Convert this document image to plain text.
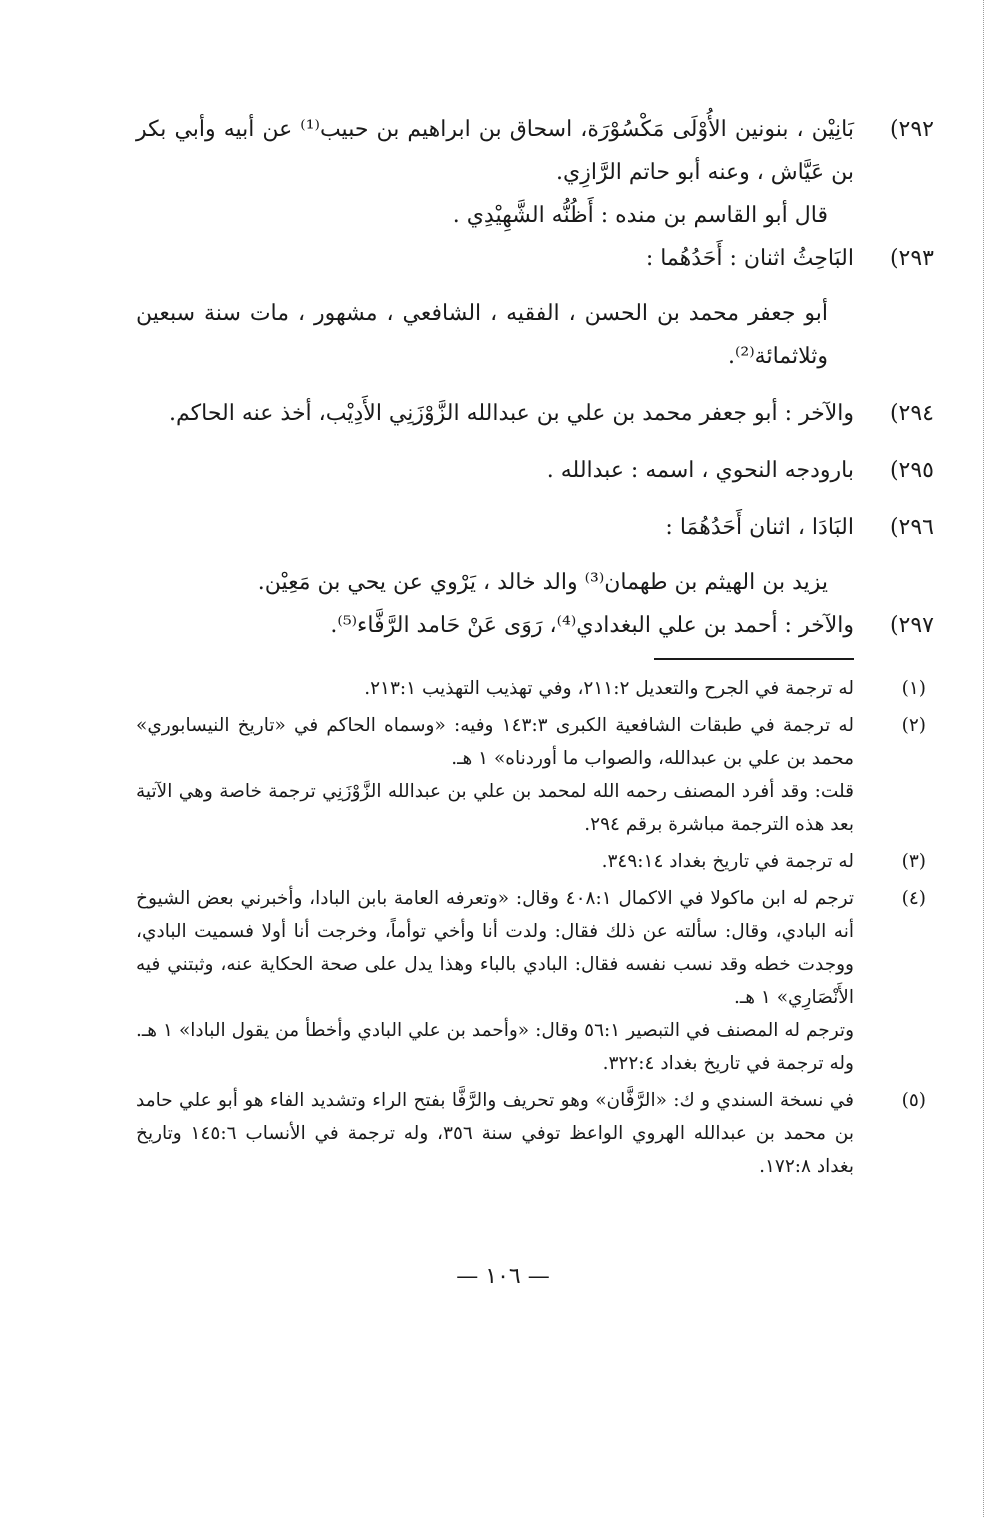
٢٩٢)
بَانِيْن ، بنونين الأُوْلَى مَكْسُوْرَة، اسحاق بن ابراهيم بن حبيب⁽¹⁾ عن أبيه وأبي بكر بن عَيَّاش ، وعنه أبو حاتم الرَّازِي.
قال أبو القاسم بن منده : أَظُنُّه الشَّهِيْدِي .
٢٩٣)
البَاحِثُ اثنان : أَحَدُهُما :
أبو جعفر محمد بن الحسن ، الفقيه ، الشافعي ، مشهور ، مات سنة سبعين وثلاثمائة⁽²⁾.
٢٩٤)
والآخر : أبو جعفر محمد بن علي بن عبدالله الزَّوْزَنِي الأَدِيْب، أخذ عنه الحاكم.
٢٩٥)
بارودجه النحوي ، اسمه : عبدالله .
٢٩٦)
البَادَا ، اثنان أَحَدُهُمَا :
يزيد بن الهيثم بن طهمان⁽³⁾ والد خالد ، يَرْوي عن يحي بن مَعِيْن.
٢٩٧)
والآخر : أحمد بن علي البغدادي⁽⁴⁾، رَوَى عَنْ حَامد الرَّفَّاء⁽⁵⁾.
(١)

له ترجمة في الجرح والتعديل ٢١١:٢، وفي تهذيب التهذيب ٢١٣:١.

(٢)

له ترجمة في طبقات الشافعية الكبرى ١٤٣:٣ وفيه: «وسماه الحاكم في «تاريخ النيسابوري» محمد بن علي بن عبدالله، والصواب ما أوردناه» ١ هـ.

قلت: وقد أفرد المصنف رحمه الله لمحمد بن علي بن عبدالله الزَّوْزَنِي ترجمة خاصة وهي الآتية بعد هذه الترجمة مباشرة برقم ٢٩٤.

(٣)

له ترجمة في تاريخ بغداد ٣٤٩:١٤.

(٤)

ترجم له ابن ماكولا في الاكمال ٤٠٨:١ وقال: «وتعرفه العامة بابن البادا، وأخبرني بعض الشيوخ أنه البادي، وقال: سألته عن ذلك فقال: ولدت أنا وأخي توأماً، وخرجت أنا أولا فسميت البادي، ووجدت خطه وقد نسب نفسه فقال: البادي بالباء وهذا يدل على صحة الحكاية عنه، وثبتني فيه الأَنْصَارِي» ١ هـ.

وترجم له المصنف في التبصير ٥٦:١ وقال: «وأحمد بن علي البادي وأخطأ من يقول البادا» ١ هـ. وله ترجمة في تاريخ بغداد ٣٢٢:٤.

(٥)

في نسخة السندي و ك: «الرَّفَّان» وهو تحريف والرَّفَّا بفتح الراء وتشديد الفاء هو أبو علي حامد بن محمد بن عبدالله الهروي الواعظ توفي سنة ٣٥٦، وله ترجمة في الأنساب ١٤٥:٦ وتاريخ بغداد ١٧٢:٨.

— ١٠٦ —
